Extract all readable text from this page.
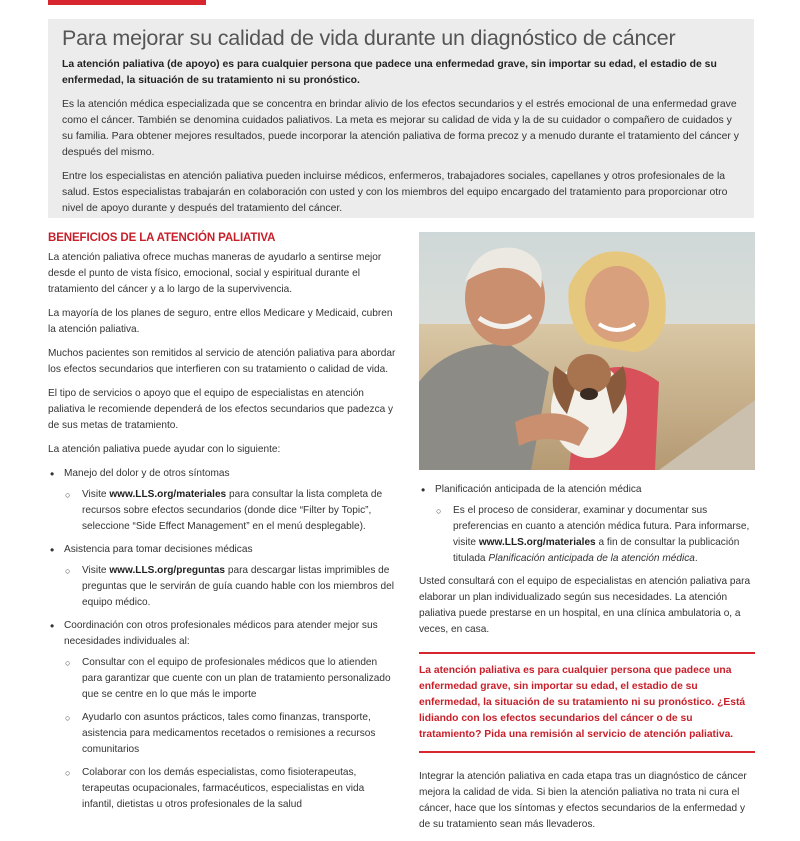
Para mejorar su calidad de vida durante un diagnóstico de cáncer

La atención paliativa (de apoyo) es para cualquier persona que padece una enfermedad grave, sin importar su edad, el estadio de su enfermedad, la situación de su tratamiento ni su pronóstico.

Es la atención médica especializada que se concentra en brindar alivio de los efectos secundarios y el estrés emocional de una enfermedad grave como el cáncer. También se denomina cuidados paliativos. La meta es mejorar su calidad de vida y la de su cuidador o compañero de cuidados y su familia. Para obtener mejores resultados, puede incorporar la atención paliativa de forma precoz y a menudo durante el tratamiento del cáncer y después del mismo.

Entre los especialistas en atención paliativa pueden incluirse médicos, enfermeros, trabajadores sociales, capellanes y otros profesionales de la salud. Estos especialistas trabajarán en colaboración con usted y con los miembros del equipo encargado del tratamiento para proporcionar otro nivel de apoyo durante y después del tratamiento del cáncer.

BENEFICIOS DE LA ATENCIÓN PALIATIVA

La atención paliativa ofrece muchas maneras de ayudarlo a sentirse mejor desde el punto de vista físico, emocional, social y espiritual durante el tratamiento del cáncer y a lo largo de la supervivencia.

La mayoría de los planes de seguro, entre ellos Medicare y Medicaid, cubren la atención paliativa.

Muchos pacientes son remitidos al servicio de atención paliativa para abordar los efectos secundarios que interfieren con su tratamiento o calidad de vida.

El tipo de servicios o apoyo que el equipo de especialistas en atención paliativa le recomiende dependerá de los efectos secundarios que padezca y de sus metas de tratamiento.

La atención paliativa puede ayudar con lo siguiente:

• Manejo del dolor y de otros síntomas
○ Visite www.LLS.org/materiales para consultar la lista completa de recursos sobre efectos secundarios (donde dice “Filter by Topic”, seleccione “Side Effect Management” en el menú desplegable).
• Asistencia para tomar decisiones médicas
○ Visite www.LLS.org/preguntas para descargar listas imprimibles de preguntas que le servirán de guía cuando hable con los miembros del equipo médico.
• Coordinación con otros profesionales médicos para atender mejor sus necesidades individuales al:
○ Consultar con el equipo de profesionales médicos que lo atienden para garantizar que cuente con un plan de tratamiento personalizado que se centre en lo que más le importe
○ Ayudarlo con asuntos prácticos, tales como finanzas, transporte, asistencia para medicamentos recetados o remisiones a recursos comunitarios
○ Colaborar con los demás especialistas, como fisioterapeutas, terapeutas ocupacionales, farmacéuticos, especialistas en vida infantil, dietistas u otros profesionales de la salud
• Planificación anticipada de la atención médica
○ Es el proceso de considerar, examinar y documentar sus preferencias en cuanto a atención médica futura. Para informarse, visite www.LLS.org/materiales a fin de consultar la publicación titulada Planificación anticipada de la atención médica.

Usted consultará con el equipo de especialistas en atención paliativa para elaborar un plan individualizado según sus necesidades. La atención paliativa puede prestarse en un hospital, en una clínica ambulatoria o, a veces, en casa.

La atención paliativa es para cualquier persona que padece una enfermedad grave, sin importar su edad, el estadio de su enfermedad, la situación de su tratamiento ni su pronóstico. ¿Está lidiando con los efectos secundarios del cáncer o de su tratamiento? Pida una remisión al servicio de atención paliativa.

Integrar la atención paliativa en cada etapa tras un diagnóstico de cáncer mejora la calidad de vida. Si bien la atención paliativa no trata ni cura el cáncer, hace que los síntomas y efectos secundarios de la enfermedad y de su tratamiento sean más llevaderos.
